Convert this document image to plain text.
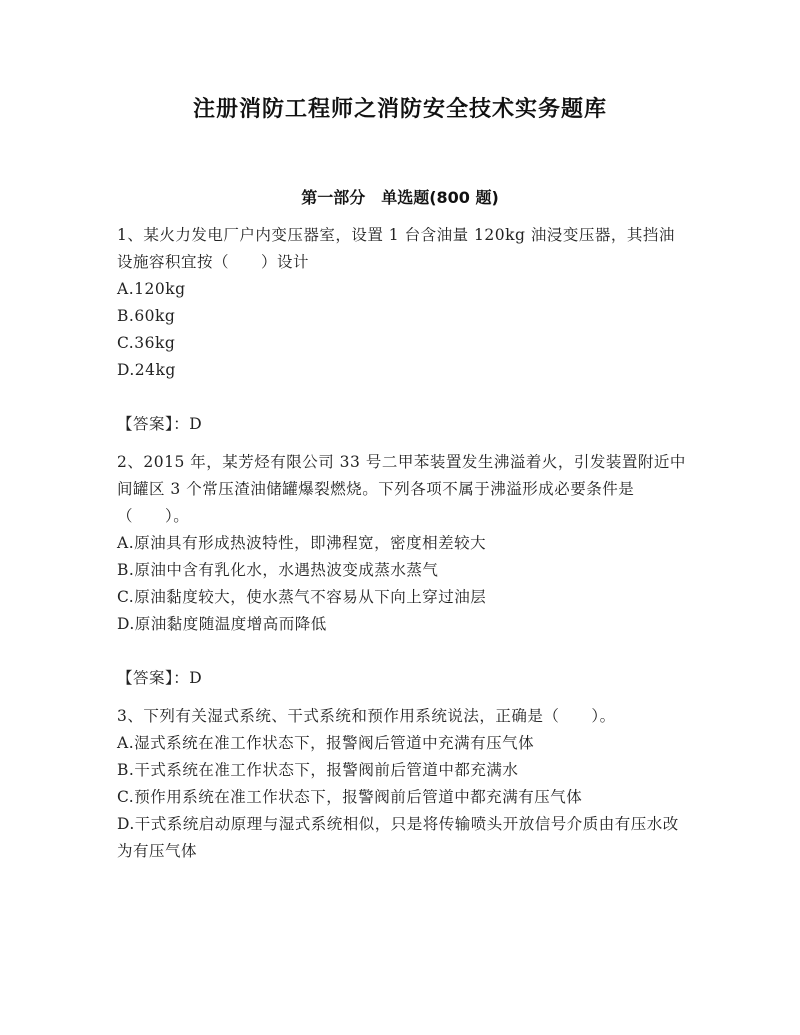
注册消防工程师之消防安全技术实务题库
第一部分　单选题(800 题)

1、某火力发电厂户内变压器室，设置 1 台含油量 120kg 油浸变压器，其挡油设施容积宜按（　　）设计

A.120kg

B.60kg

C.36kg

D.24kg

【答案】：D

2、2015 年，某芳烃有限公司 33 号二甲苯装置发生沸溢着火，引发装置附近中间罐区 3 个常压渣油储罐爆裂燃烧。下列各项不属于沸溢形成必要条件是（　　）。

A.原油具有形成热波特性，即沸程宽，密度相差较大

B.原油中含有乳化水，水遇热波变成蒸水蒸气

C.原油黏度较大，使水蒸气不容易从下向上穿过油层

D.原油黏度随温度增高而降低

【答案】：D

3、下列有关湿式系统、干式系统和预作用系统说法，正确是（　　）。

A.湿式系统在准工作状态下，报警阀后管道中充满有压气体

B.干式系统在准工作状态下，报警阀前后管道中都充满水

C.预作用系统在准工作状态下，报警阀前后管道中都充满有压气体

D.干式系统启动原理与湿式系统相似，只是将传输喷头开放信号介质由有压水改为有压气体
